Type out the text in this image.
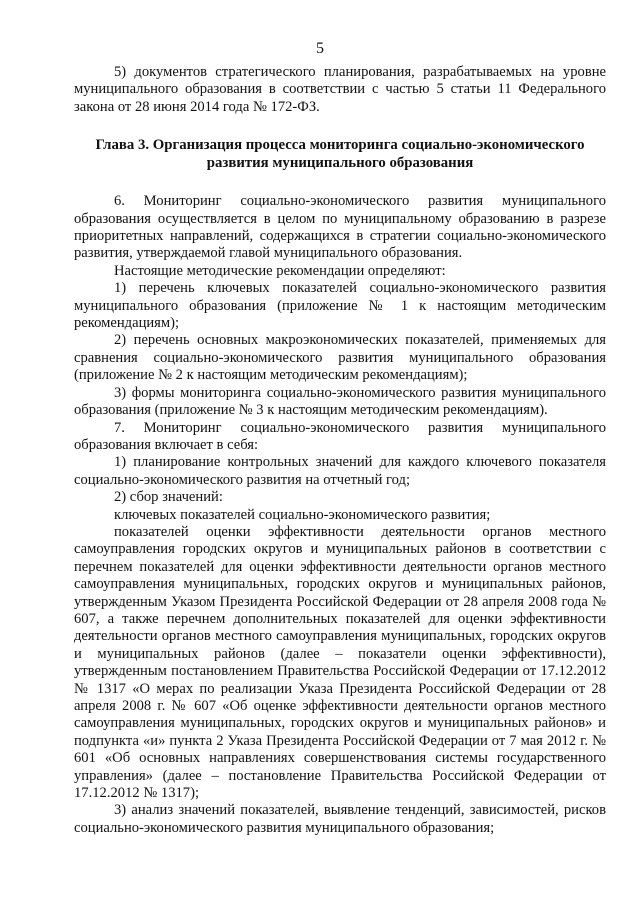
5

5) документов стратегического планирования, разрабатываемых на уровне муниципального образования в соответствии с частью 5 статьи 11 Федерального закона от 28 июня 2014 года № 172-ФЗ.

Глава 3. Организация процесса мониторинга социально-экономического
развития муниципального образования

6. Мониторинг социально-экономического развития муниципального образования осуществляется в целом по муниципальному образованию в разрезе приоритетных направлений, содержащихся в стратегии социально-экономического развития, утверждаемой главой муниципального образования.

Настоящие методические рекомендации определяют:

1) перечень ключевых показателей социально-экономического развития муниципального образования (приложение № 1 к настоящим методическим рекомендациям);

2) перечень основных макроэкономических показателей, применяемых для сравнения социально-экономического развития муниципального образования (приложение № 2 к настоящим методическим рекомендациям);

3) формы мониторинга социально-экономического развития муниципального образования (приложение № 3 к настоящим методическим рекомендациям).

7. Мониторинг социально-экономического развития муниципального образования включает в себя:

1) планирование контрольных значений для каждого ключевого показателя социально-экономического развития на отчетный год;

2) сбор значений:

ключевых показателей социально-экономического развития;

показателей оценки эффективности деятельности органов местного самоуправления городских округов и муниципальных районов в соответствии с перечнем показателей для оценки эффективности деятельности органов местного самоуправления муниципальных, городских округов и муниципальных районов, утвержденным Указом Президента Российской Федерации от 28 апреля 2008 года № 607, а также перечнем дополнительных показателей для оценки эффективности деятельности органов местного самоуправления муниципальных, городских округов и муниципальных районов (далее – показатели оценки эффективности), утвержденным постановлением Правительства Российской Федерации от 17.12.2012 № 1317 «О мерах по реализации Указа Президента Российской Федерации от 28 апреля 2008 г. № 607 «Об оценке эффективности деятельности органов местного самоуправления муниципальных, городских округов и муниципальных районов» и подпункта «и» пункта 2 Указа Президента Российской Федерации от 7 мая 2012 г. № 601 «Об основных направлениях совершенствования системы государственного управления» (далее – постановление Правительства Российской Федерации от 17.12.2012 № 1317);

3) анализ значений показателей, выявление тенденций, зависимостей, рисков социально-экономического развития муниципального образования;
